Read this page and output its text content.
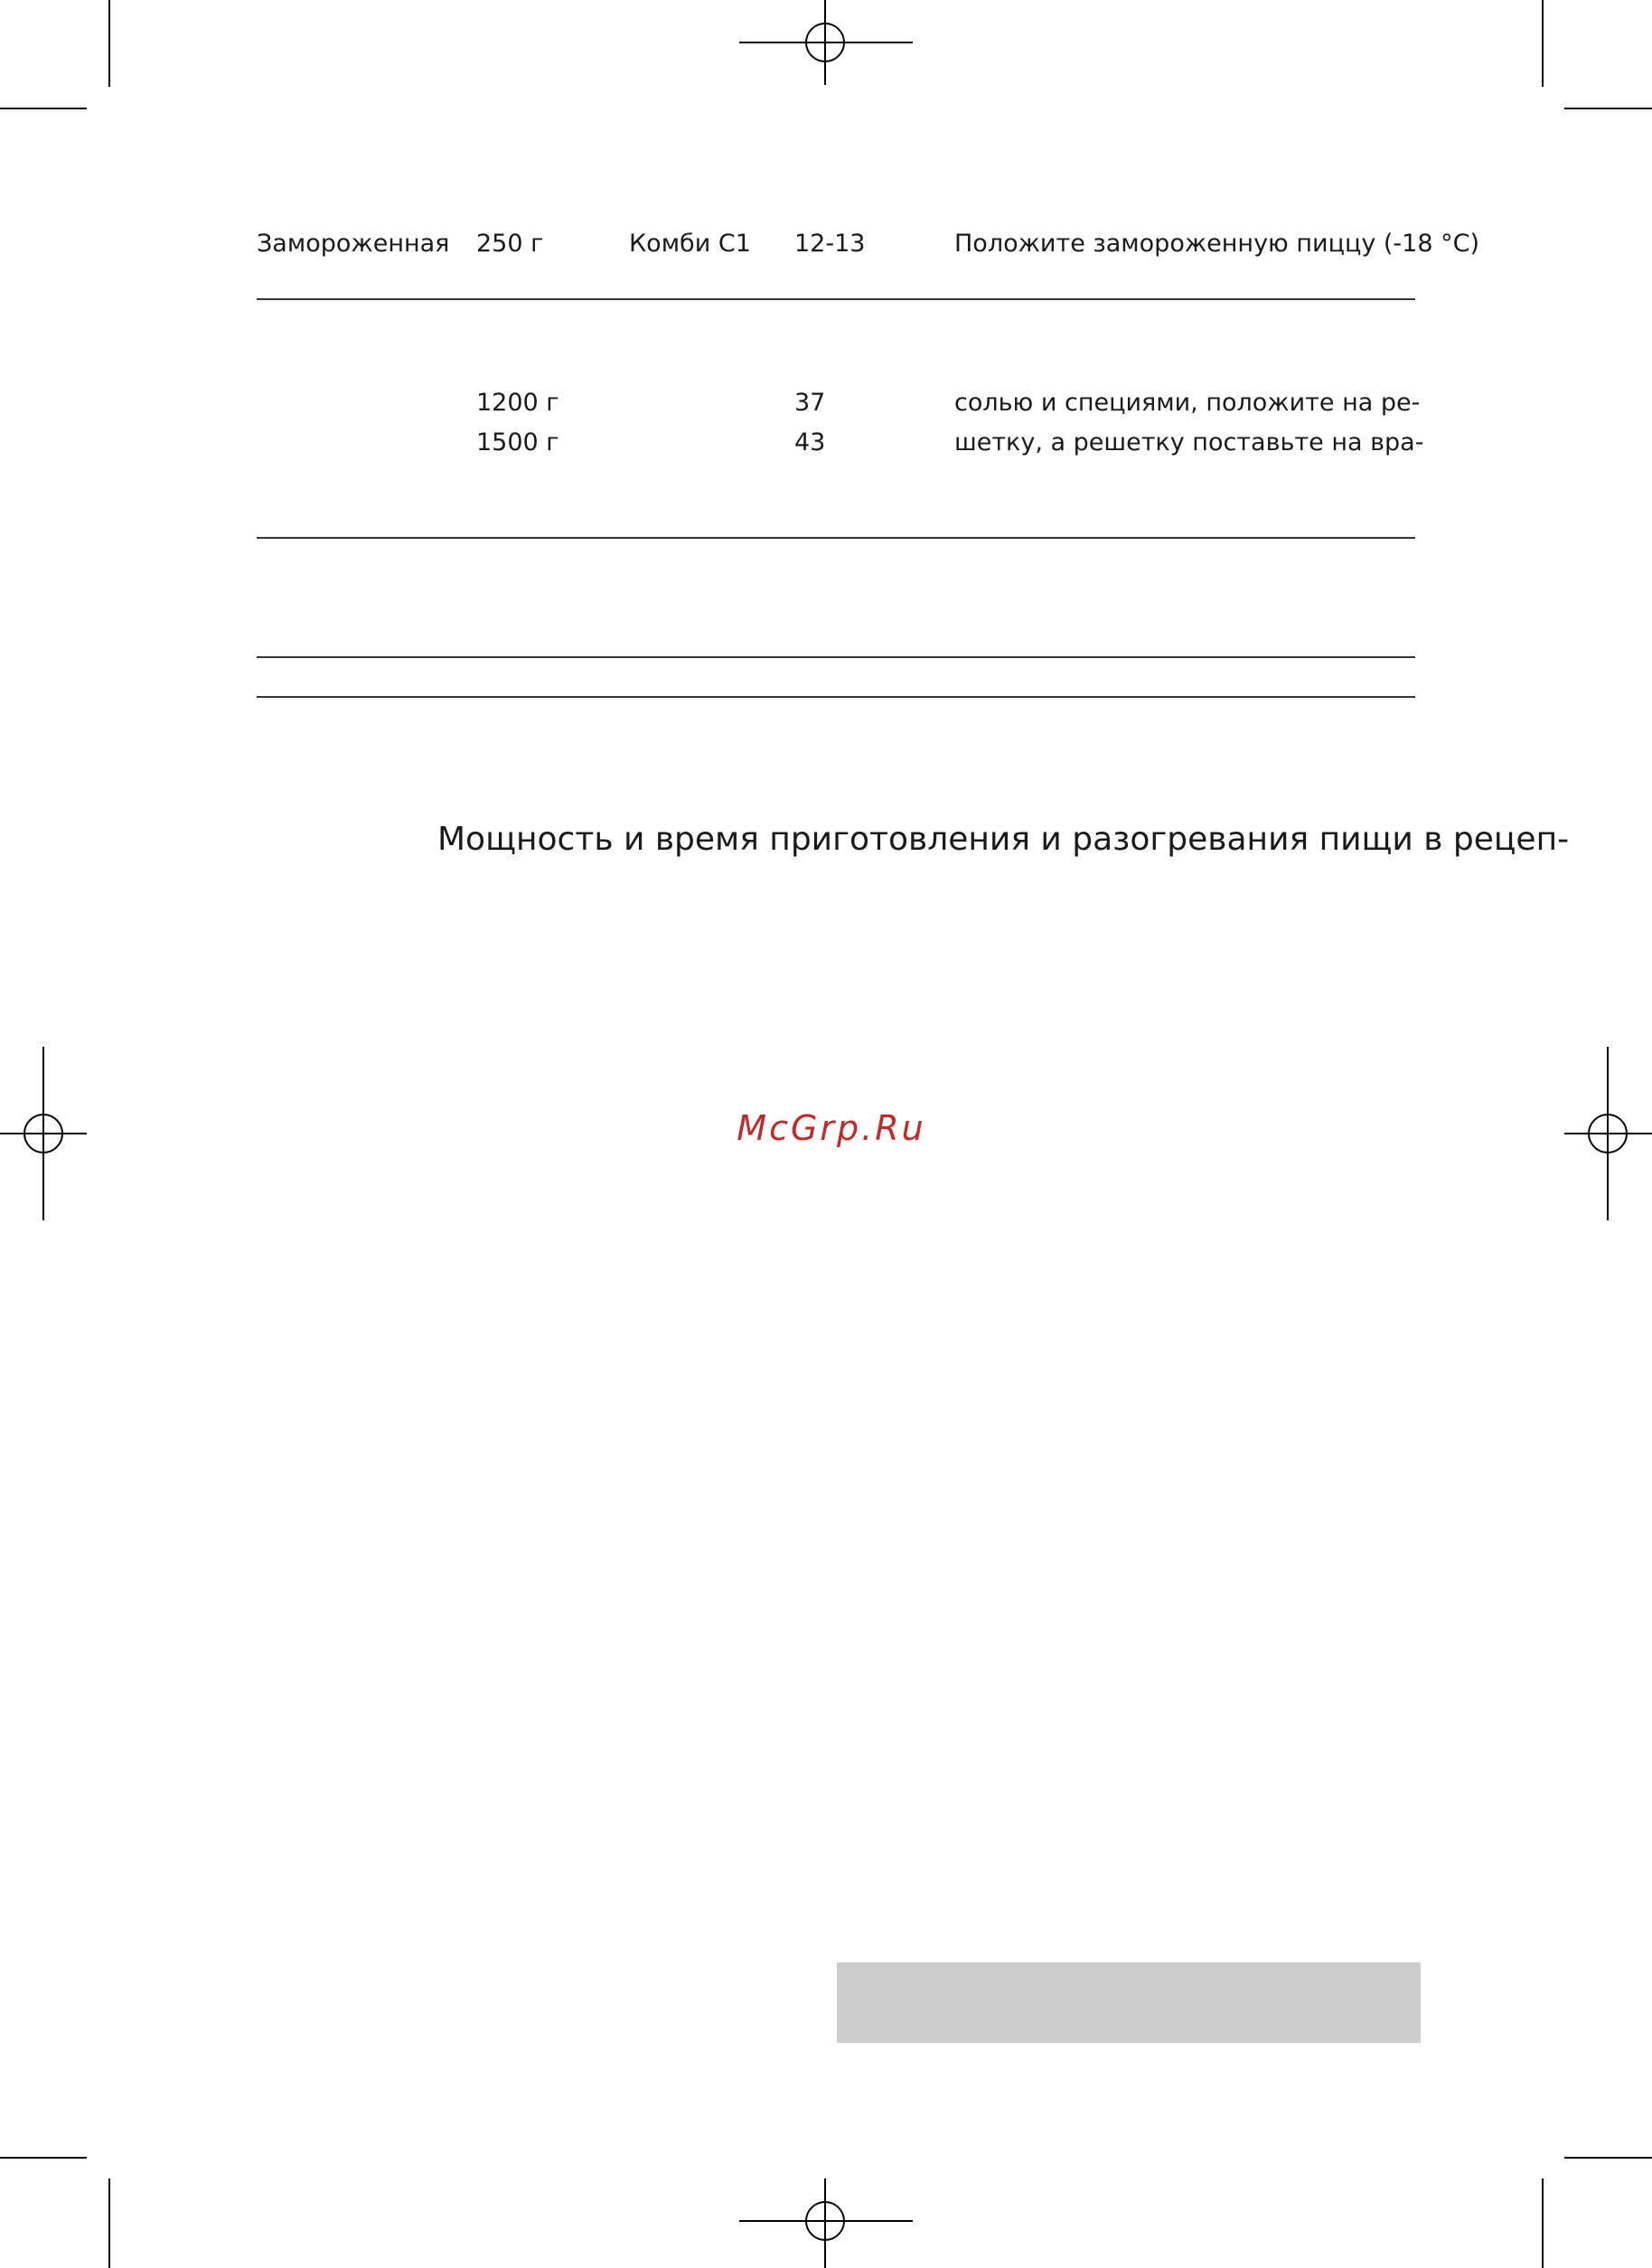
Замороженная 250 г	Комби С1 12-13	Положите замороженную пиццу (-18 °С)
1200 г
1500 г
37
43
солью и специями, положите на ре-
шетку, а решетку поставьте на вра-
Мощность и время приготовления и разогревания пищи в рецеп-
McGrp.Ru
